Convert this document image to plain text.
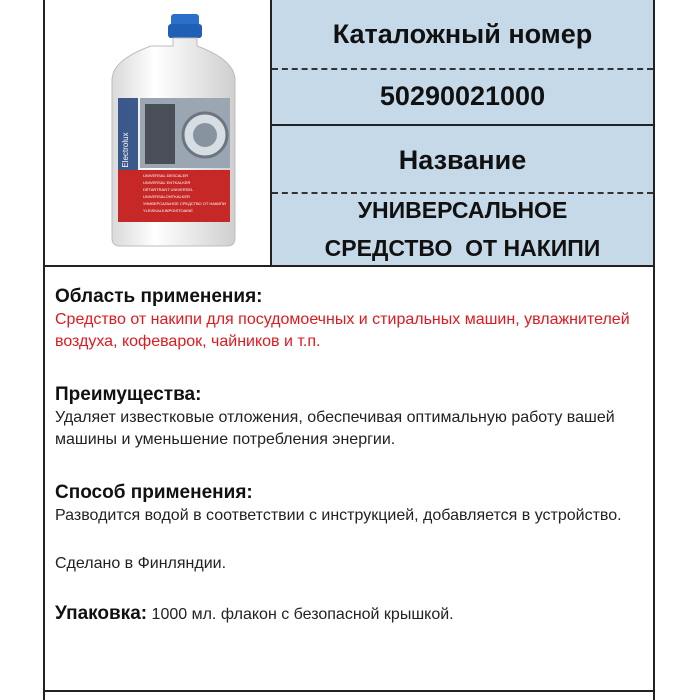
Electrolux
UNIVERSAL DESCALER
UNIVERSAL ENTKALKER
DÉTARTRANT UNIVERSEL
UNIVERSALONTKALKER
УНИВЕРСАЛЬНОЕ СРЕДСТВО ОТ НАКИПИ
YLEISKALKINPOISTOAINE
Каталожный номер
50290021000
Название
УНИВЕРСАЛЬНОЕ
СРЕДСТВО  ОТ НАКИПИ

Область применения:

Средство от накипи для посудомоечных и стиральных машин, увлажнителей воздуха, кофеварок, чайников и т.п.

Преимущества:

Удаляет известковые отложения, обеспечивая оптимальную работу вашей машины и уменьшение потребления энергии.

Способ применения:

Разводится водой в соответствии с инструкцией, добавляется в устройство.

Сделано в Финляндии.

Упаковка: 1000 мл. флакон с безопасной крышкой.
